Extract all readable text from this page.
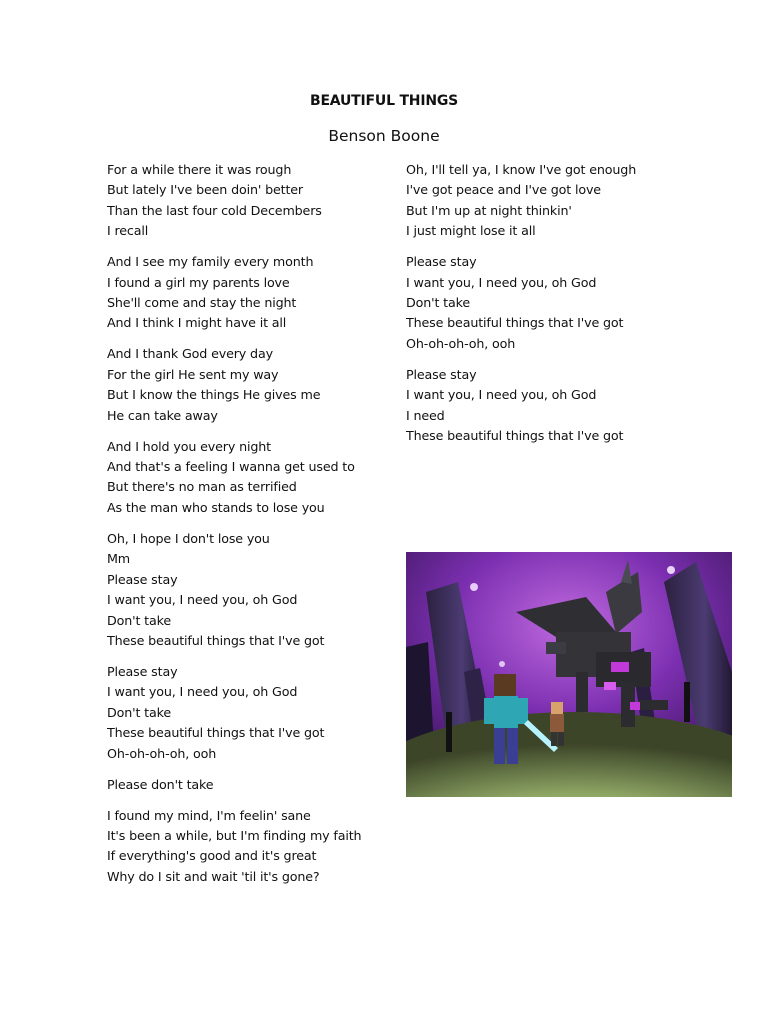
BEAUTIFUL THINGS
Benson Boone
For a while there it was rough
But lately I've been doin' better
Than the last four cold Decembers
I recall
And I see my family every month
I found a girl my parents love
She'll come and stay the night
And I think I might have it all
And I thank God every day
For the girl He sent my way
But I know the things He gives me
He can take away
And I hold you every night
And that's a feeling I wanna get used to
But there's no man as terrified
As the man who stands to lose you
Oh, I hope I don't lose you
Mm
Please stay
I want you, I need you, oh God
Don't take
These beautiful things that I've got
Please stay
I want you, I need you, oh God
Don't take
These beautiful things that I've got
Oh-oh-oh-oh, ooh
Please don't take
I found my mind, I'm feelin' sane
It's been a while, but I'm finding my faith
If everything's good and it's great
Why do I sit and wait 'til it's gone?
Oh, I'll tell ya, I know I've got enough
I've got peace and I've got love
But I'm up at night thinkin'
I just might lose it all
Please stay
I want you, I need you, oh God
Don't take
These beautiful things that I've got
Oh-oh-oh-oh, ooh
Please stay
I want you, I need you, oh God
I need
These beautiful things that I've got
